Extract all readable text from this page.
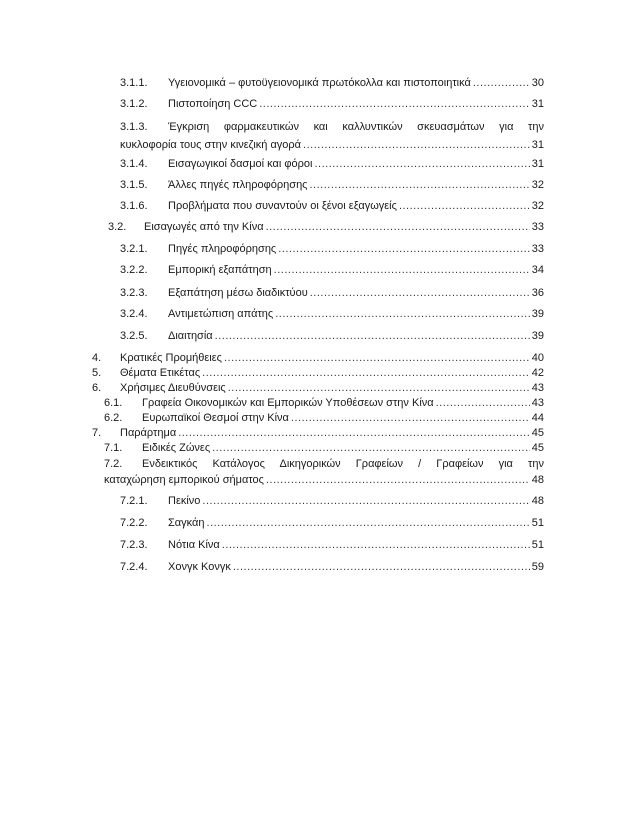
3.1.1.	Υγειονομικά – φυτοϋγειονομικά πρωτόκολλα και πιστοποιητικά .....	30
3.1.2.	Πιστοποίηση CCC .....	31
3.1.3. Έγκριση φαρμακευτικών και καλλυντικών σκευασμάτων για την
κυκλοφορία τους στην κινεζική αγορά .....	31
3.1.4.	Εισαγωγικοί δασμοί και φόροι .....	31
3.1.5.	Άλλες πηγές πληροφόρησης .....	32
3.1.6.	Προβλήματα που συναντούν οι ξένοι εξαγωγείς .....	32
3.2.	Εισαγωγές από την Κίνα .....	33
3.2.1.	Πηγές πληροφόρησης .....	33
3.2.2.	Εμπορική εξαπάτηση .....	34
3.2.3.	Εξαπάτηση μέσω διαδικτύου .....	36
3.2.4.	Αντιμετώπιση απάτης .....	39
3.2.5.	Διαιτησία .....	39
4.	Κρατικές Προμήθειες .....	40
5.	Θέματα Ετικέτας .....	42
6.	Χρήσιμες Διευθύνσεις .....	43
6.1.	Γραφεία Οικονομικών και Εμπορικών Υποθέσεων στην Κίνα .....	43
6.2.	Ευρωπαϊκοί Θεσμοί στην Κίνα .....	44
7.	Παράρτημα .....	45
7.1.	Ειδικές Ζώνες .....	45
7.2. Ενδεικτικός Κατάλογος Δικηγορικών Γραφείων / Γραφείων για την
καταχώρηση εμπορικού σήματος .....	48
7.2.1.	Πεκίνο .....	48
7.2.2.	Σαγκάη .....	51
7.2.3.	Νότια Κίνα .....	51
7.2.4.	Χονγκ Κονγκ .....	59
